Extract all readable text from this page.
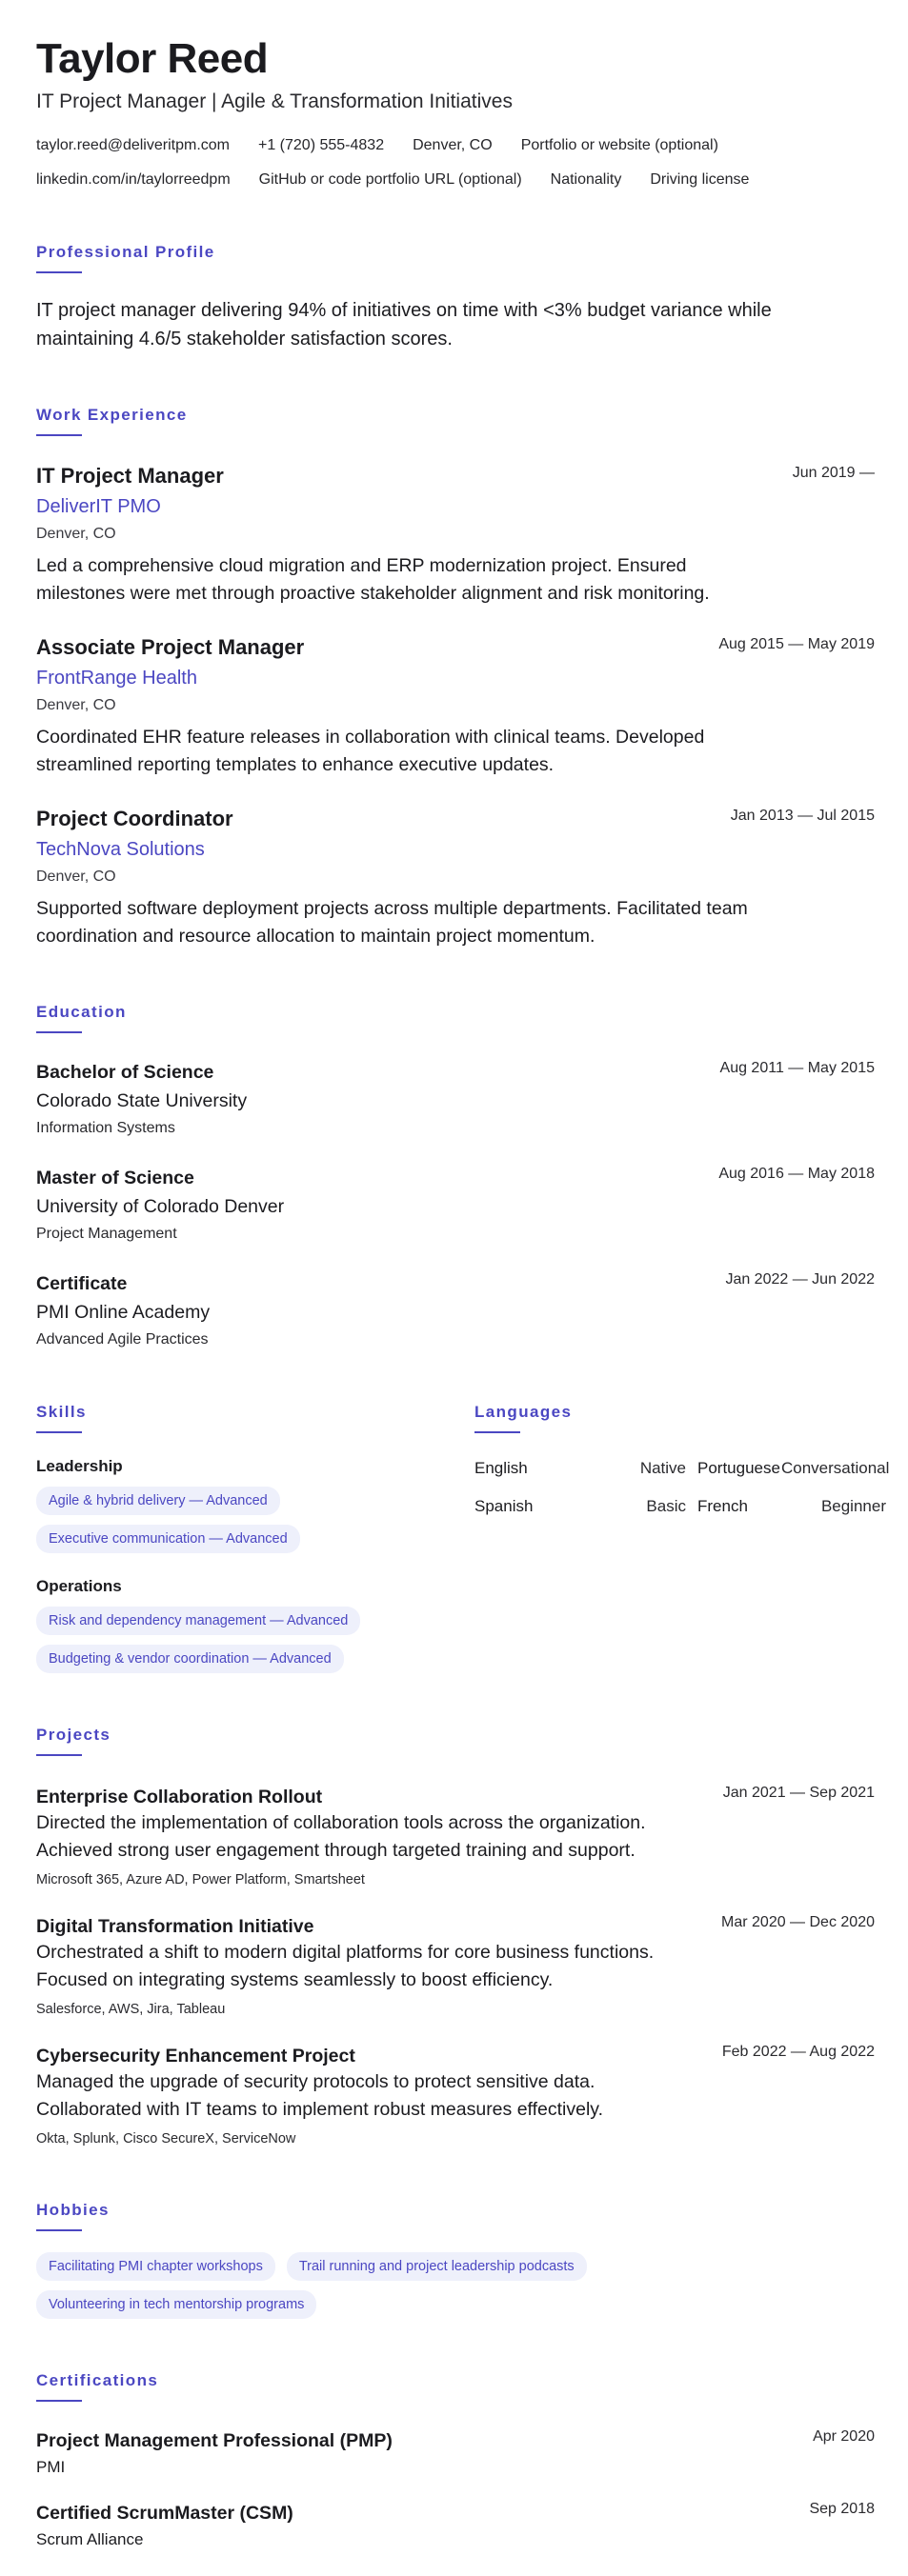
Taylor Reed
IT Project Manager | Agile & Transformation Initiatives
taylor.reed@deliveritpm.com +1 (720) 555-4832 Denver, CO Portfolio or website (optional)
linkedin.com/in/taylorreedpm GitHub or code portfolio URL (optional) Nationality Driving license
Professional Profile
IT project manager delivering 94% of initiatives on time with <3% budget variance while maintaining 4.6/5 stakeholder satisfaction scores.
Work Experience
IT Project Manager	Jun 2019 —
DeliverIT PMO
Denver, CO
Led a comprehensive cloud migration and ERP modernization project. Ensured milestones were met through proactive stakeholder alignment and risk monitoring.
Associate Project Manager	Aug 2015 — May 2019
FrontRange Health
Denver, CO
Coordinated EHR feature releases in collaboration with clinical teams. Developed streamlined reporting templates to enhance executive updates.
Project Coordinator	Jan 2013 — Jul 2015
TechNova Solutions
Denver, CO
Supported software deployment projects across multiple departments. Facilitated team coordination and resource allocation to maintain project momentum.
Education
Bachelor of Science	Aug 2011 — May 2015
Colorado State University
Information Systems
Master of Science	Aug 2016 — May 2018
University of Colorado Denver
Project Management
Certificate	Jan 2022 — Jun 2022
PMI Online Academy
Advanced Agile Practices
Skills
Leadership
Agile & hybrid delivery — Advanced
Executive communication — Advanced
Operations
Risk and dependency management — Advanced
Budgeting & vendor coordination — Advanced
Languages
English	Native Portuguese Conversational
Spanish	Basic French	Beginner
Projects
Enterprise Collaboration Rollout	Jan 2021 — Sep 2021
Directed the implementation of collaboration tools across the organization. Achieved strong user engagement through targeted training and support.
Microsoft 365, Azure AD, Power Platform, Smartsheet
Digital Transformation Initiative	Mar 2020 — Dec 2020
Orchestrated a shift to modern digital platforms for core business functions. Focused on integrating systems seamlessly to boost efficiency.
Salesforce, AWS, Jira, Tableau
Cybersecurity Enhancement Project	Feb 2022 — Aug 2022
Managed the upgrade of security protocols to protect sensitive data. Collaborated with IT teams to implement robust measures effectively.
Okta, Splunk, Cisco SecureX, ServiceNow
Hobbies
Facilitating PMI chapter workshops	Trail running and project leadership podcasts
Volunteering in tech mentorship programs
Certifications
Project Management Professional (PMP)	Apr 2020
PMI
Certified ScrumMaster (CSM)	Sep 2018
Scrum Alliance
